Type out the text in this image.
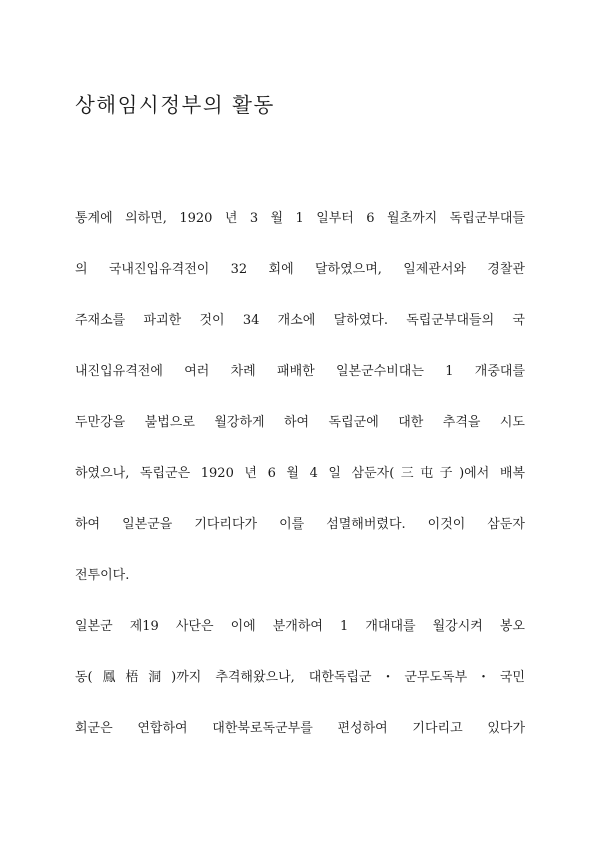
상해임시정부의 활동
통계에 의하면, 1920 년 3 월 1 일부터 6 월초까지 독립군부대들
의 국내진입유격전이 32 회에 달하였으며, 일제관서와 경찰관
주재소를 파괴한 것이 34 개소에 달하였다. 독립군부대들의 국
내진입유격전에 여러 차례 패배한 일본군수비대는 1 개중대를
두만강을 불법으로 월강하게 하여 독립군에 대한 추격을 시도
하였으나, 독립군은 1920 년 6 월 4 일 삼둔자(三屯子)에서 배복
하여 일본군을 기다리다가 이를 섬멸해버렸다. 이것이 삼둔자
전투이다.
일본군 제19 사단은 이에 분개하여 1 개대대를 월강시켜 봉오
동(鳳梧洞)까지 추격해왔으나, 대한독립군・군무도독부・국민
회군은 연합하여 대한북로독군부를 편성하여 기다리고 있다가
